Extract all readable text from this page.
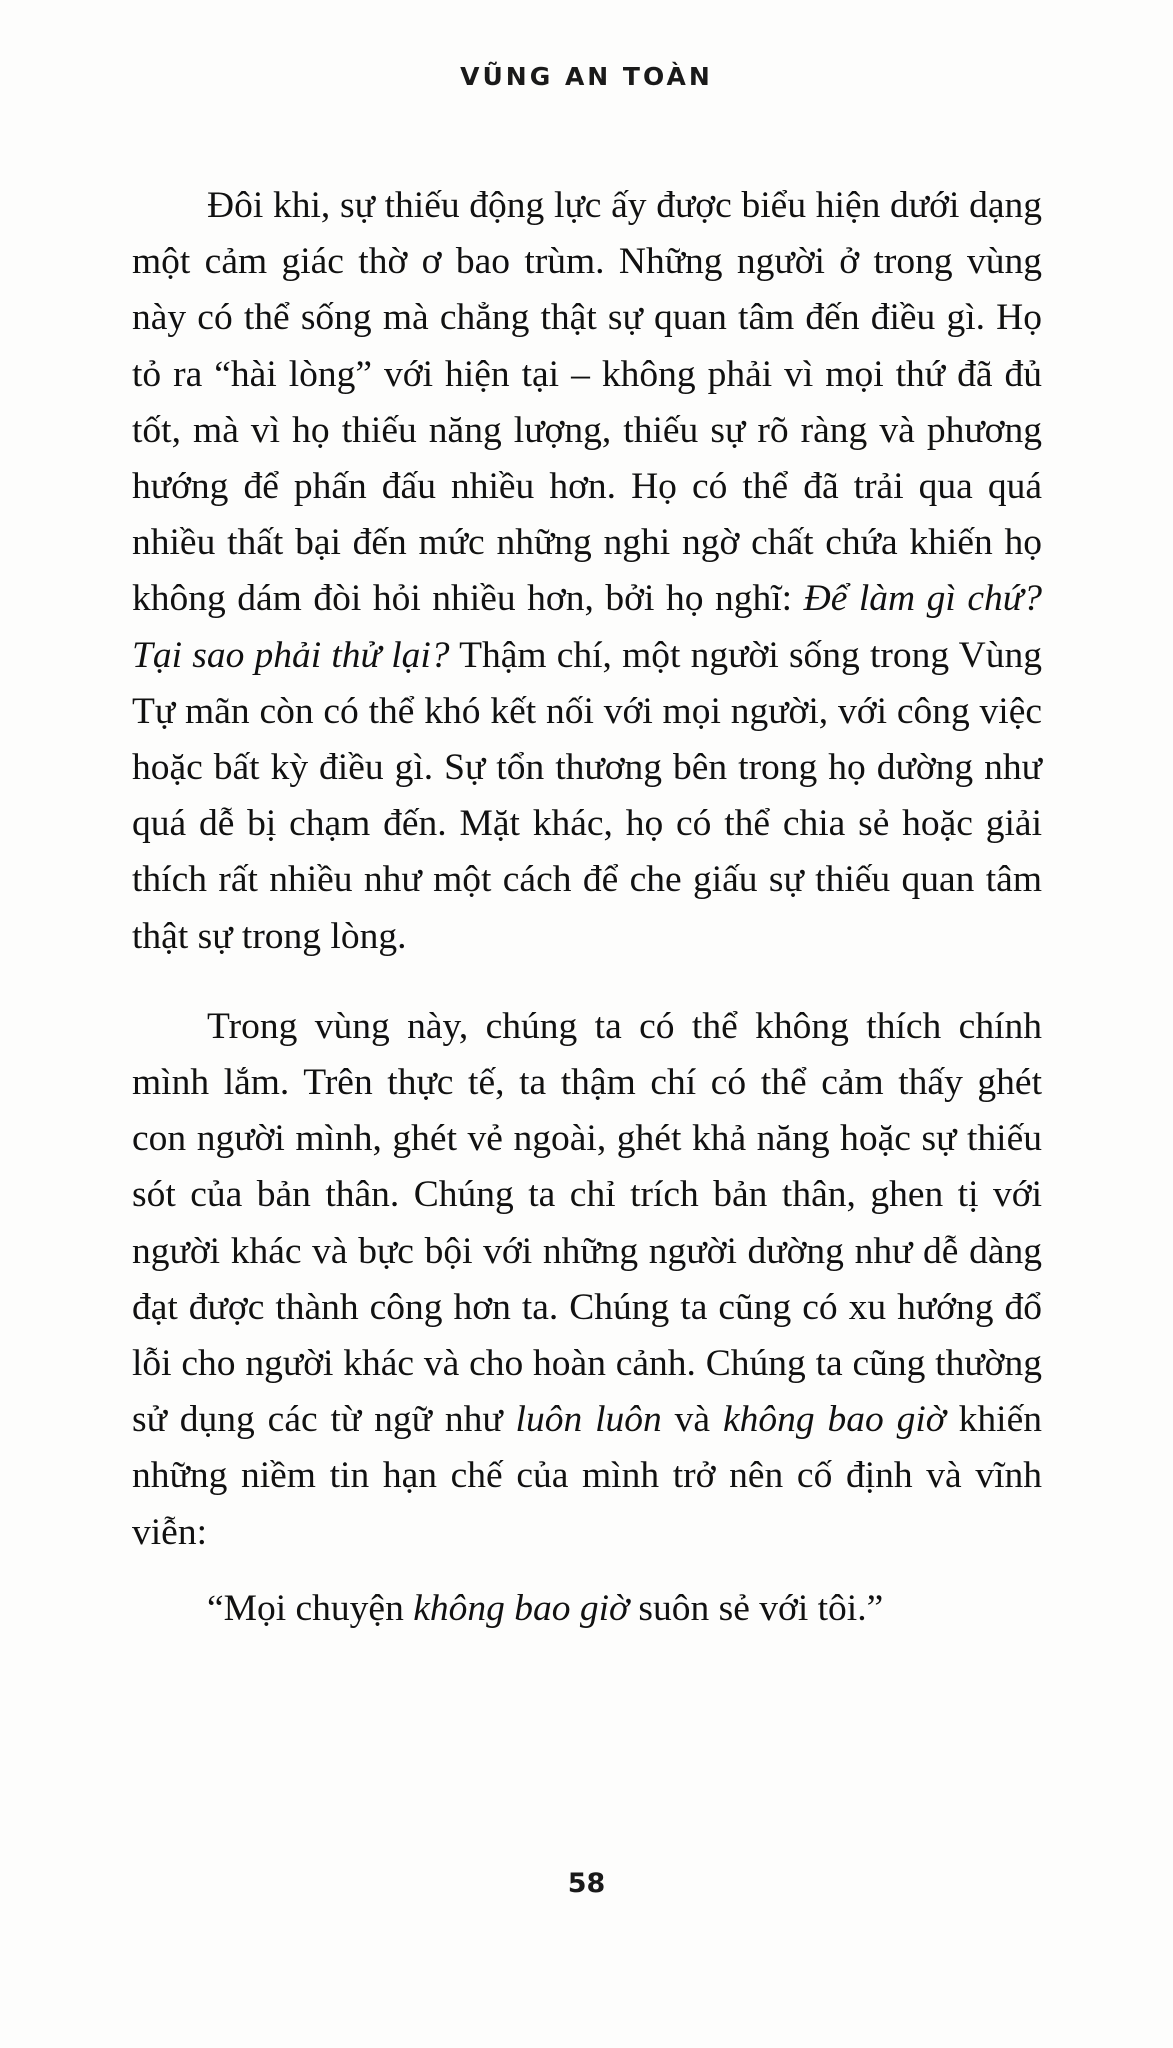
VŨNG AN TOÀN

Đôi khi, sự thiếu động lực ấy được biểu hiện dưới dạng một cảm giác thờ ơ bao trùm. Những người ở trong vùng này có thể sống mà chẳng thật sự quan tâm đến điều gì. Họ tỏ ra “hài lòng” với hiện tại – không phải vì mọi thứ đã đủ tốt, mà vì họ thiếu năng lượng, thiếu sự rõ ràng và phương hướng để phấn đấu nhiều hơn. Họ có thể đã trải qua quá nhiều thất bại đến mức những nghi ngờ chất chứa khiến họ không dám đòi hỏi nhiều hơn, bởi họ nghĩ: Để làm gì chứ? Tại sao phải thử lại? Thậm chí, một người sống trong Vùng Tự mãn còn có thể khó kết nối với mọi người, với công việc hoặc bất kỳ điều gì. Sự tổn thương bên trong họ dường như quá dễ bị chạm đến. Mặt khác, họ có thể chia sẻ hoặc giải thích rất nhiều như một cách để che giấu sự thiếu quan tâm thật sự trong lòng.

Trong vùng này, chúng ta có thể không thích chính mình lắm. Trên thực tế, ta thậm chí có thể cảm thấy ghét con người mình, ghét vẻ ngoài, ghét khả năng hoặc sự thiếu sót của bản thân. Chúng ta chỉ trích bản thân, ghen tị với người khác và bực bội với những người dường như dễ dàng đạt được thành công hơn ta. Chúng ta cũng có xu hướng đổ lỗi cho người khác và cho hoàn cảnh. Chúng ta cũng thường sử dụng các từ ngữ như luôn luôn và không bao giờ khiến những niềm tin hạn chế của mình trở nên cố định và vĩnh viễn:

“Mọi chuyện không bao giờ suôn sẻ với tôi.”

58
